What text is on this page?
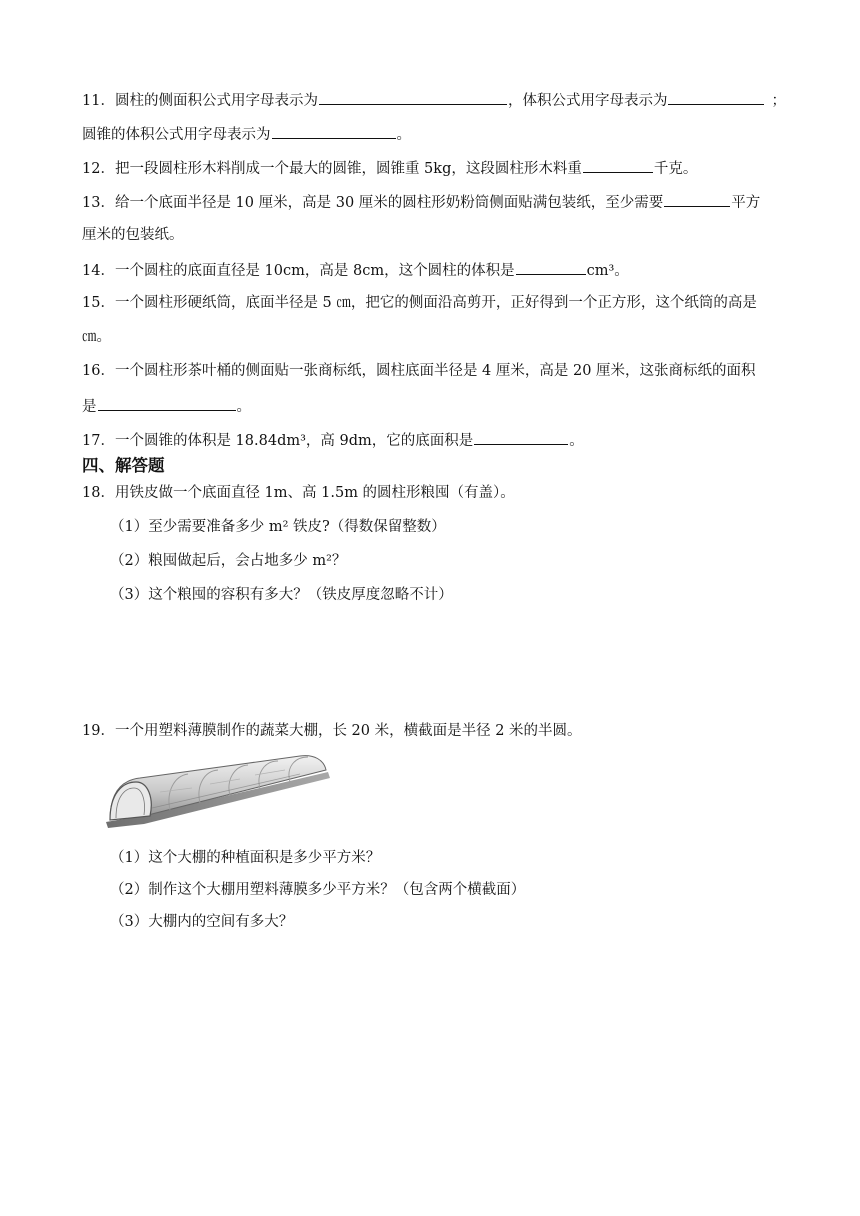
11．圆柱的侧面积公式用字母表示为	，体积公式用字母表示为	；
圆锥的体积公式用字母表示为	。
12．把一段圆柱形木料削成一个最大的圆锥，圆锥重 5kg，这段圆柱形木料重	千克。
13．给一个底面半径是 10 厘米，高是 30 厘米的圆柱形奶粉筒侧面贴满包装纸，至少需要	平方
厘米的包装纸。
14．一个圆柱的底面直径是 10cm，高是 8cm，这个圆柱的体积是	cm³。
15．一个圆柱形硬纸筒，底面半径是 5 ㎝，把它的侧面沿高剪开，正好得到一个正方形，这个纸筒的高是
㎝。
16．一个圆柱形茶叶桶的侧面贴一张商标纸，圆柱底面半径是 4 厘米，高是 20 厘米，这张商标纸的面积
是	。
17．一个圆锥的体积是 18.84dm³，高 9dm，它的底面积是	。
四、解答题
18．用铁皮做一个底面直径 1m、高 1.5m 的圆柱形粮囤（有盖）。
（1）至少需要准备多少 m² 铁皮?（得数保留整数）
（2）粮囤做起后，会占地多少 m²？
（3）这个粮囤的容积有多大？（铁皮厚度忽略不计）
19．一个用塑料薄膜制作的蔬菜大棚，长 20 米，横截面是半径 2 米的半圆。
（1）这个大棚的种植面积是多少平方米？
（2）制作这个大棚用塑料薄膜多少平方米？（包含两个横截面）
（3）大棚内的空间有多大？
